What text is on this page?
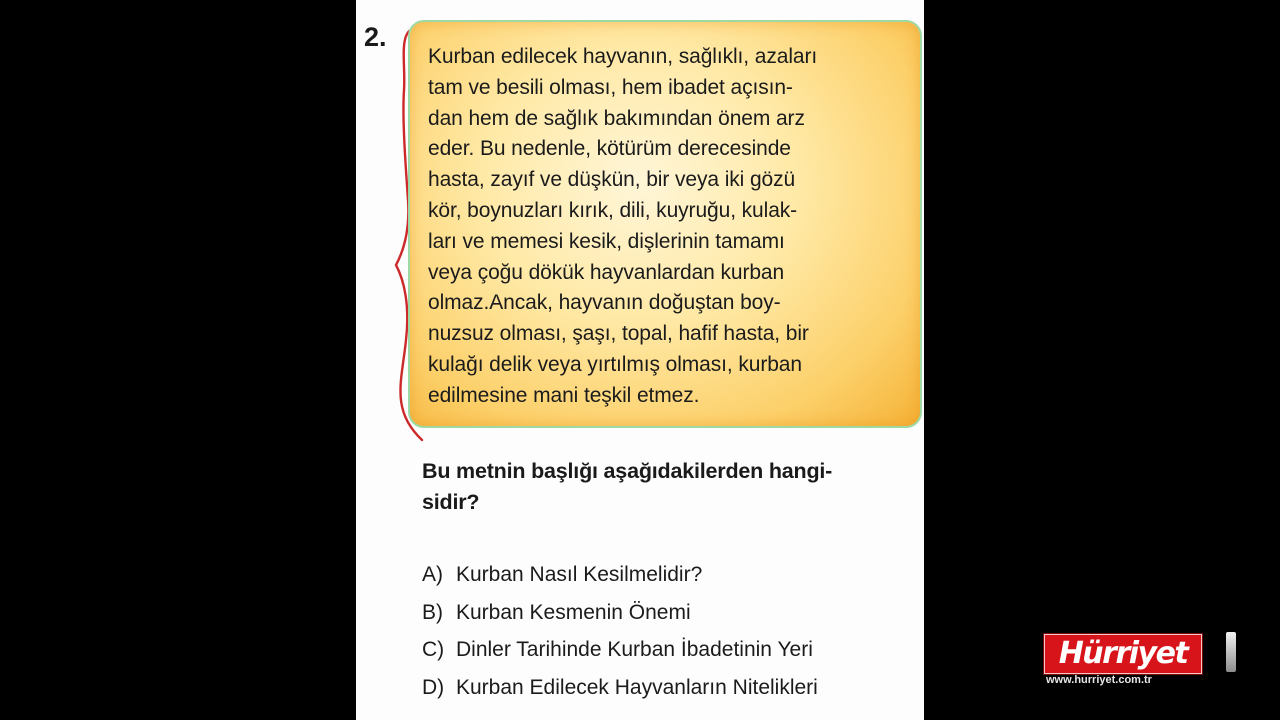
2.
Kurban edilecek hayvanın, sağlıklı, azaları
tam ve besili olması, hem ibadet açısın-
dan hem de sağlık bakımından önem arz
eder. Bu nedenle, kötürüm derecesinde
hasta, zayıf ve düşkün, bir veya iki gözü
kör, boynuzları kırık, dili, kuyruğu, kulak-
ları ve memesi kesik, dişlerinin tamamı
veya çoğu dökük hayvanlardan kurban
olmaz.Ancak, hayvanın doğuştan boy-
nuzsuz olması, şaşı, topal, hafif hasta, bir
kulağı delik veya yırtılmış olması, kurban
edilmesine mani teşkil etmez.
Bu metnin başlığı aşağıdakilerden hangi-
sidir?
A) Kurban Nasıl Kesilmelidir?
B) Kurban Kesmenin Önemi
C) Dinler Tarihinde Kurban İbadetinin Yeri
D) Kurban Edilecek Hayvanların Nitelikleri
Hürriyet
www.hurriyet.com.tr
